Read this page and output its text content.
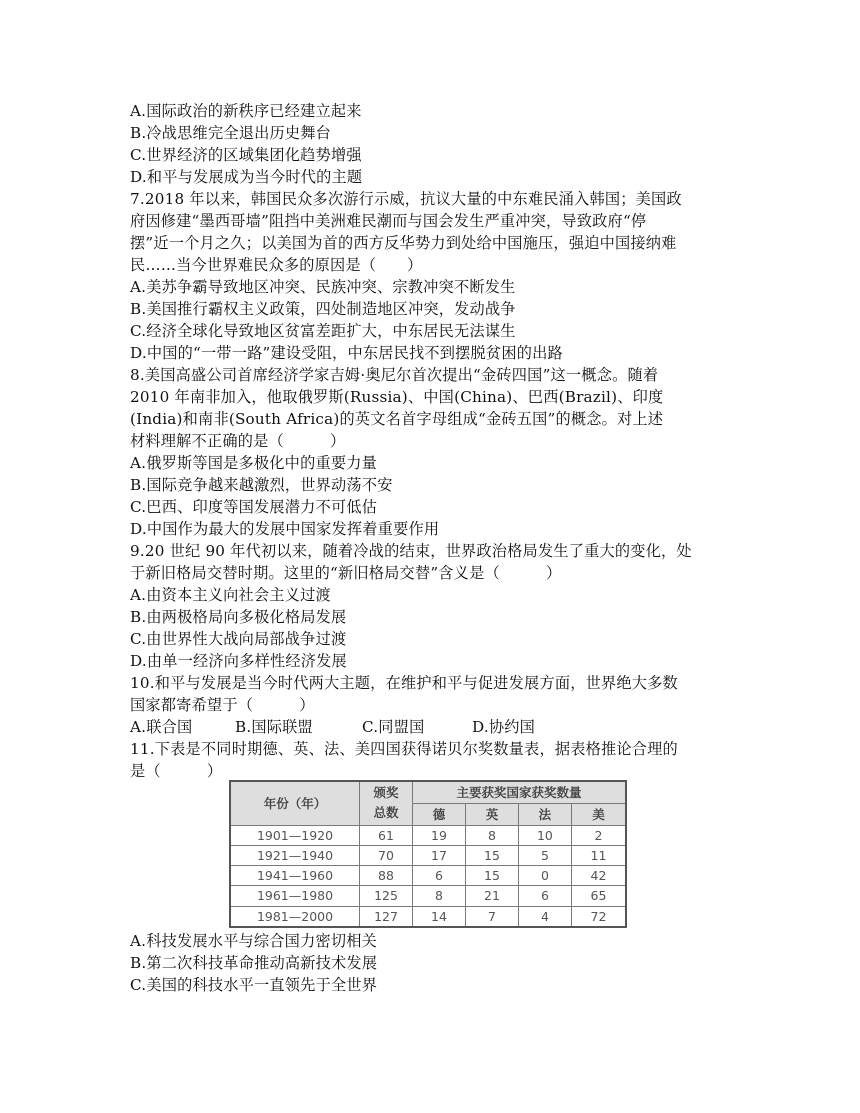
A.国际政治的新秩序已经建立起来
B.冷战思维完全退出历史舞台
C.世界经济的区域集团化趋势增强
D.和平与发展成为当今时代的主题
7.2018 年以来，韩国民众多次游行示威，抗议大量的中东难民涌入韩国；美国政
府因修建“墨西哥墙”阻挡中美洲难民潮而与国会发生严重冲突，导致政府“停
摆”近一个月之久；以美国为首的西方反华势力到处给中国施压，强迫中国接纳难
民……当今世界难民众多的原因是（　　）
A.美苏争霸导致地区冲突、民族冲突、宗教冲突不断发生
B.美国推行霸权主义政策，四处制造地区冲突，发动战争
C.经济全球化导致地区贫富差距扩大，中东居民无法谋生
D.中国的“一带一路”建设受阻，中东居民找不到摆脱贫困的出路
8.美国高盛公司首席经济学家吉姆·奥尼尔首次提出“金砖四国”这一概念。随着
2010 年南非加入，他取俄罗斯(Russia)、中国(China)、巴西(Brazil)、印度
(India)和南非(South Africa)的英文名首字母组成“金砖五国”的概念。对上述
材料理解不正确的是（　　　）
A.俄罗斯等国是多极化中的重要力量
B.国际竞争越来越激烈，世界动荡不安
C.巴西、印度等国发展潜力不可低估
D.中国作为最大的发展中国家发挥着重要作用
9.20 世纪 90 年代初以来，随着冷战的结束，世界政治格局发生了重大的变化，处
于新旧格局交替时期。这里的“新旧格局交替”含义是（　　　）
A.由资本主义向社会主义过渡
B.由两极格局向多极化格局发展
C.由世界性大战向局部战争过渡
D.由单一经济向多样性经济发展
10.和平与发展是当今时代两大主题，在维护和平与促进发展方面，世界绝大多数
国家都寄希望于（　　　）
A.联合国	B.国际联盟	C.同盟国	D.协约国
11.下表是不同时期德、英、法、美四国获得诺贝尔奖数量表，据表格推论合理的
是（　　　）
年份（年）	颁奖总数	主要获奖国家获奖数量			
		德	英	法	美
1901—1920	61	19	8	10	2
1921—1940	70	17	15	5	11
1941—1960	88	6	15	0	42
1961—1980	125	8	21	6	65
1981—2000	127	14	7	4	72
A.科技发展水平与综合国力密切相关
B.第二次科技革命推动高新技术发展
C.美国的科技水平一直领先于全世界
